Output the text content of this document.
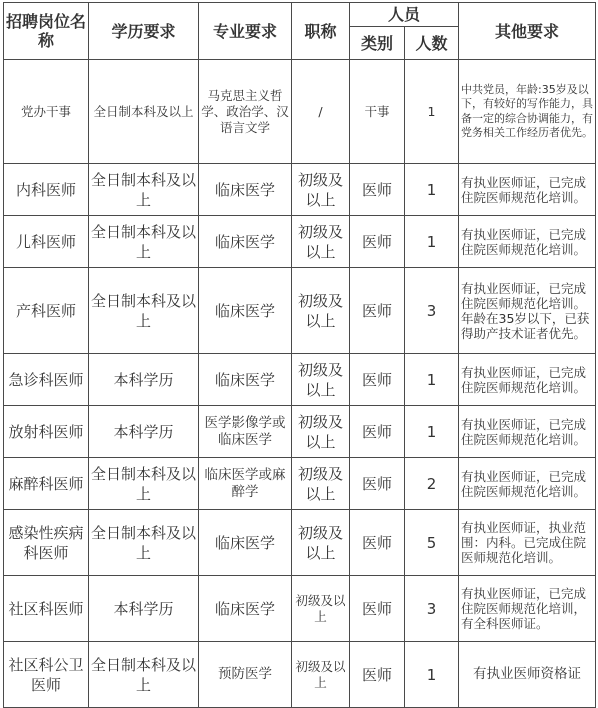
招聘岗位名称	学历要求	专业要求	职称	人员		其他要求
				类别	人数	
党办干事	全日制本科及以上	马克思主义哲学、政治学、汉语言文学	/	干事	1	中共党员，年龄:35岁及以下，有较好的写作能力，具备一定的综合协调能力，有党务相关工作经历者优先。
内科医师	全日制本科及以上	临床医学	初级及以上	医师	1	有执业医师证，已完成住院医师规范化培训。
儿科医师	全日制本科及以上	临床医学	初级及以上	医师	1	有执业医师证，已完成住院医师规范化培训。
产科医师	全日制本科及以上	临床医学	初级及以上	医师	3	有执业医师证，已完成住院医师规范化培训。年龄在35岁以下，已获得助产技术证者优先。
急诊科医师	本科学历	临床医学	初级及以上	医师	1	有执业医师证，已完成住院医师规范化培训。
放射科医师	本科学历	医学影像学或临床医学	初级及以上	医师	1	有执业医师证，已完成住院医师规范化培训。
麻醉科医师	全日制本科及以上	临床医学或麻醉学	初级及以上	医师	2	有执业医师证，已完成住院医师规范化培训。
感染性疾病科医师	全日制本科及以上	临床医学	初级及以上	医师	5	有执业医师证，执业范围：内科。已完成住院医师规范化培训。
社区科医师	本科学历	临床医学	初级及以上	医师	3	有执业医师证，已完成住院医师规范化培训，有全科医师证。
社区科公卫医师	全日制本科及以上	预防医学	初级及以上	医师	1	有执业医师资格证
